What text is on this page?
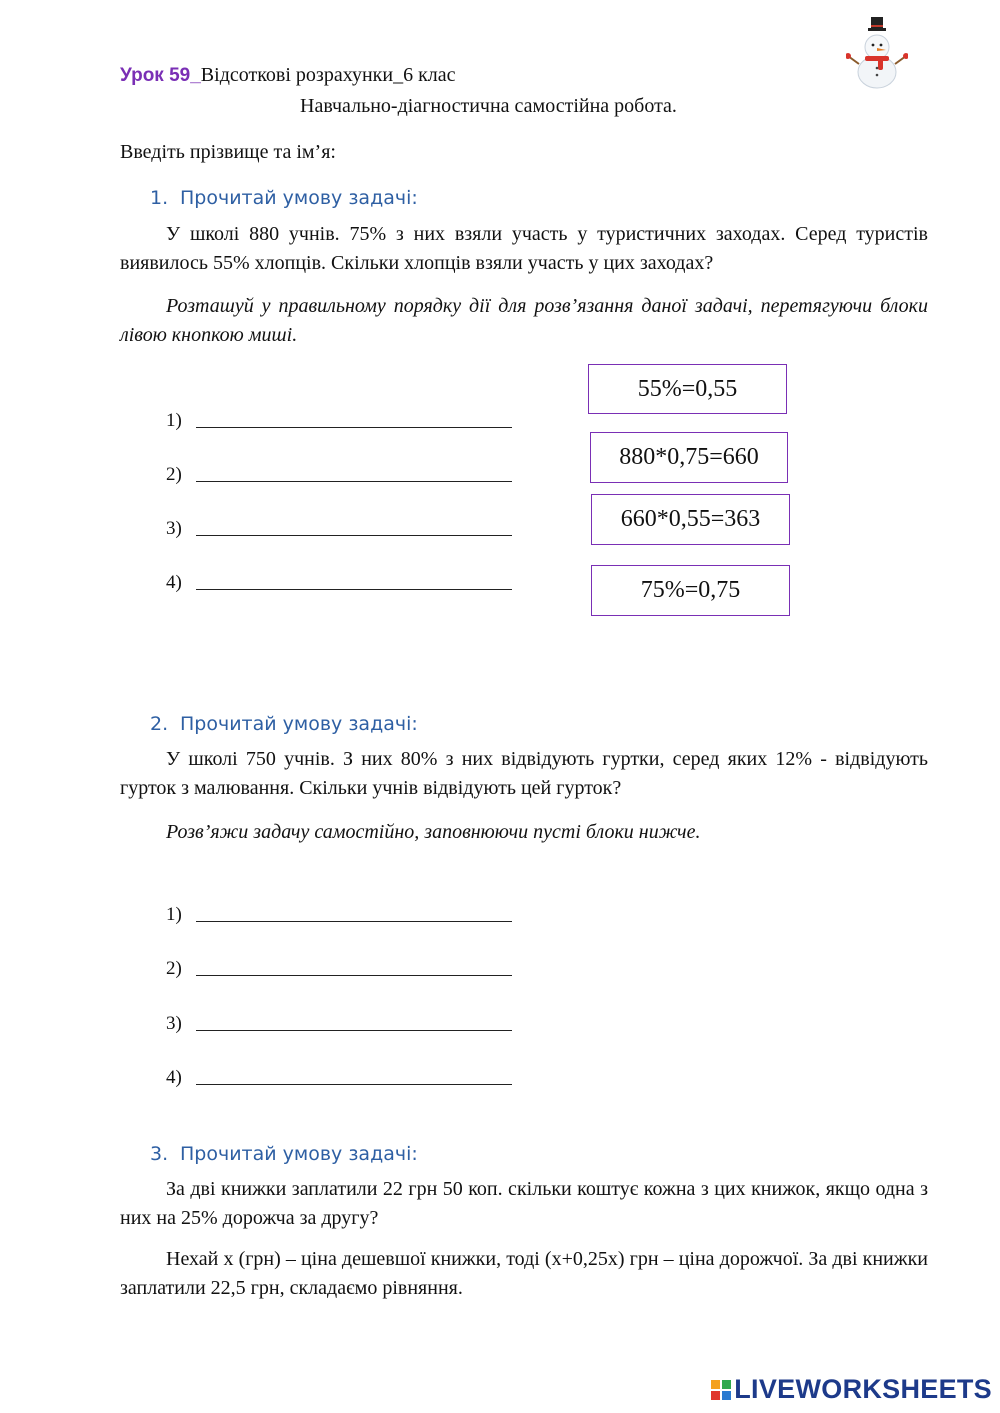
Урок 59_Відсоткові розрахунки_6 клас
Навчально-діагностична самостійна робота.
Введіть прізвище та ім’я:
1. Прочитай умову задачі:
У школі 880 учнів. 75% з них взяли участь у туристичних заходах. Серед туристів виявилось 55% хлопців. Скільки хлопців взяли участь у цих заходах?
Розташуй у правильному порядку дії для розв’язання даної задачі, перетягуючи блоки лівою кнопкою миші.
1)
2)
3)
4)
55%=0,55
880*0,75=660
660*0,55=363
75%=0,75
2. Прочитай умову задачі:
У школі 750 учнів. З них 80% з них відвідують гуртки, серед яких 12% - відвідують гурток з малювання. Скільки учнів відвідують цей гурток?
Розв’яжи задачу самостійно, заповнюючи пусті блоки нижче.
1)
2)
3)
4)
3. Прочитай умову задачі:
За дві книжки заплатили 22 грн 50 коп. скільки коштує кожна з цих книжок, якщо одна з них на 25% дорожча за другу?
Нехай x (грн) – ціна дешевшої книжки, тоді (x+0,25x) грн – ціна дорожчої. За дві книжки заплатили 22,5 грн, складаємо рівняння.
LIVEWORKSHEETS
